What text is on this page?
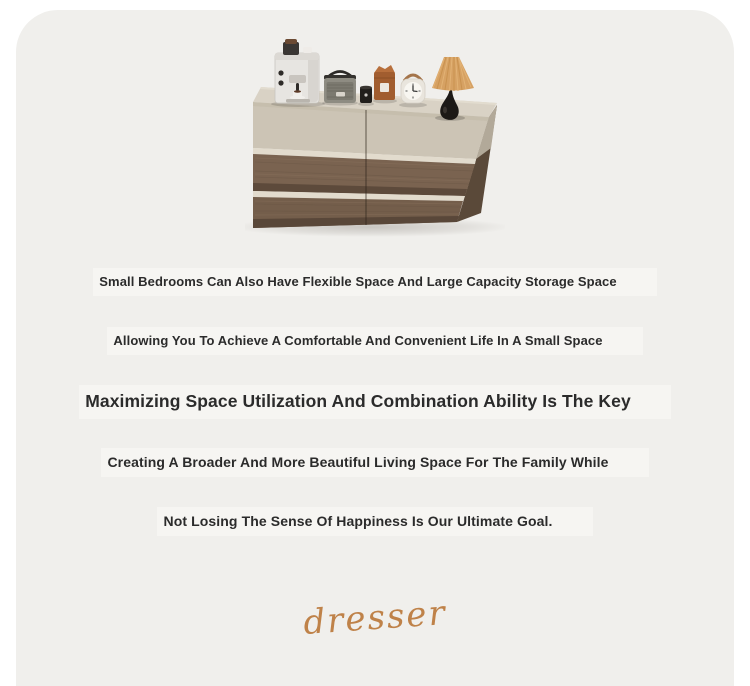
Small Bedrooms Can Also Have Flexible Space And Large Capacity Storage Space
Allowing You To Achieve A Comfortable And Convenient Life In A Small Space
Maximizing Space Utilization And Combination Ability Is The Key
Creating A Broader And More Beautiful Living Space For The Family While
Not Losing The Sense Of Happiness Is Our Ultimate Goal.
dresser
